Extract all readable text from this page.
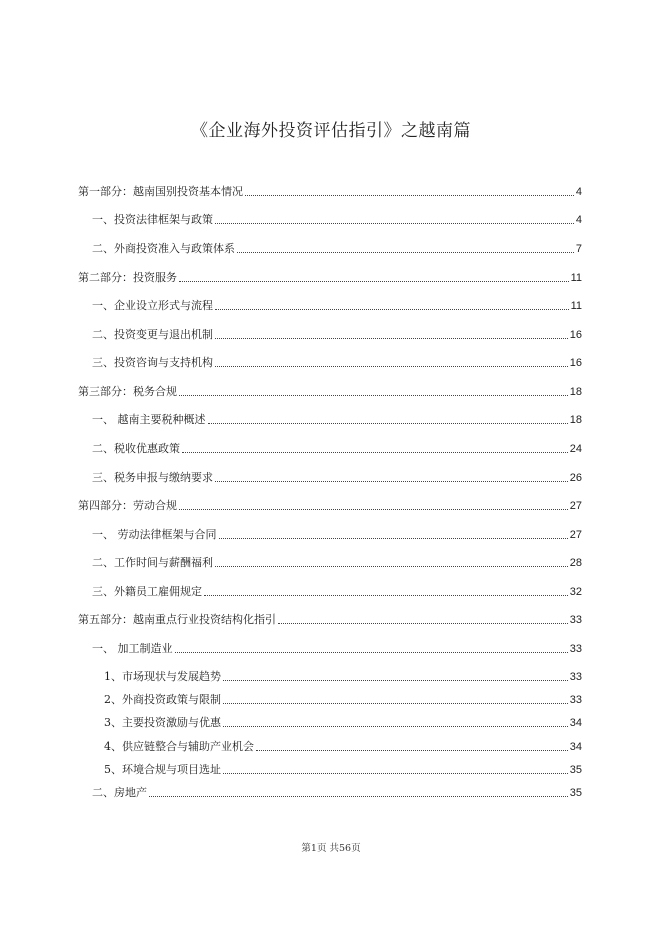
《企业海外投资评估指引》之越南篇
第一部分：越南国别投资基本情况	4
一、投资法律框架与政策	4
二、外商投资准入与政策体系	7
第二部分：投资服务	11
一、企业设立形式与流程	11
二、投资变更与退出机制	16
三、投资咨询与支持机构	16
第三部分：税务合规	18
一、 越南主要税种概述	18
二、税收优惠政策	24
三、税务申报与缴纳要求	26
第四部分：劳动合规	27
一、 劳动法律框架与合同	27
二、工作时间与薪酬福利	28
三、外籍员工雇佣规定	32
第五部分：越南重点行业投资结构化指引	33
一、 加工制造业	33
1、市场现状与发展趋势	33
2、外商投资政策与限制	33
3、主要投资激励与优惠	34
4、供应链整合与辅助产业机会	34
5、环境合规与项目选址	35
二、房地产	35
第1页 共56页
